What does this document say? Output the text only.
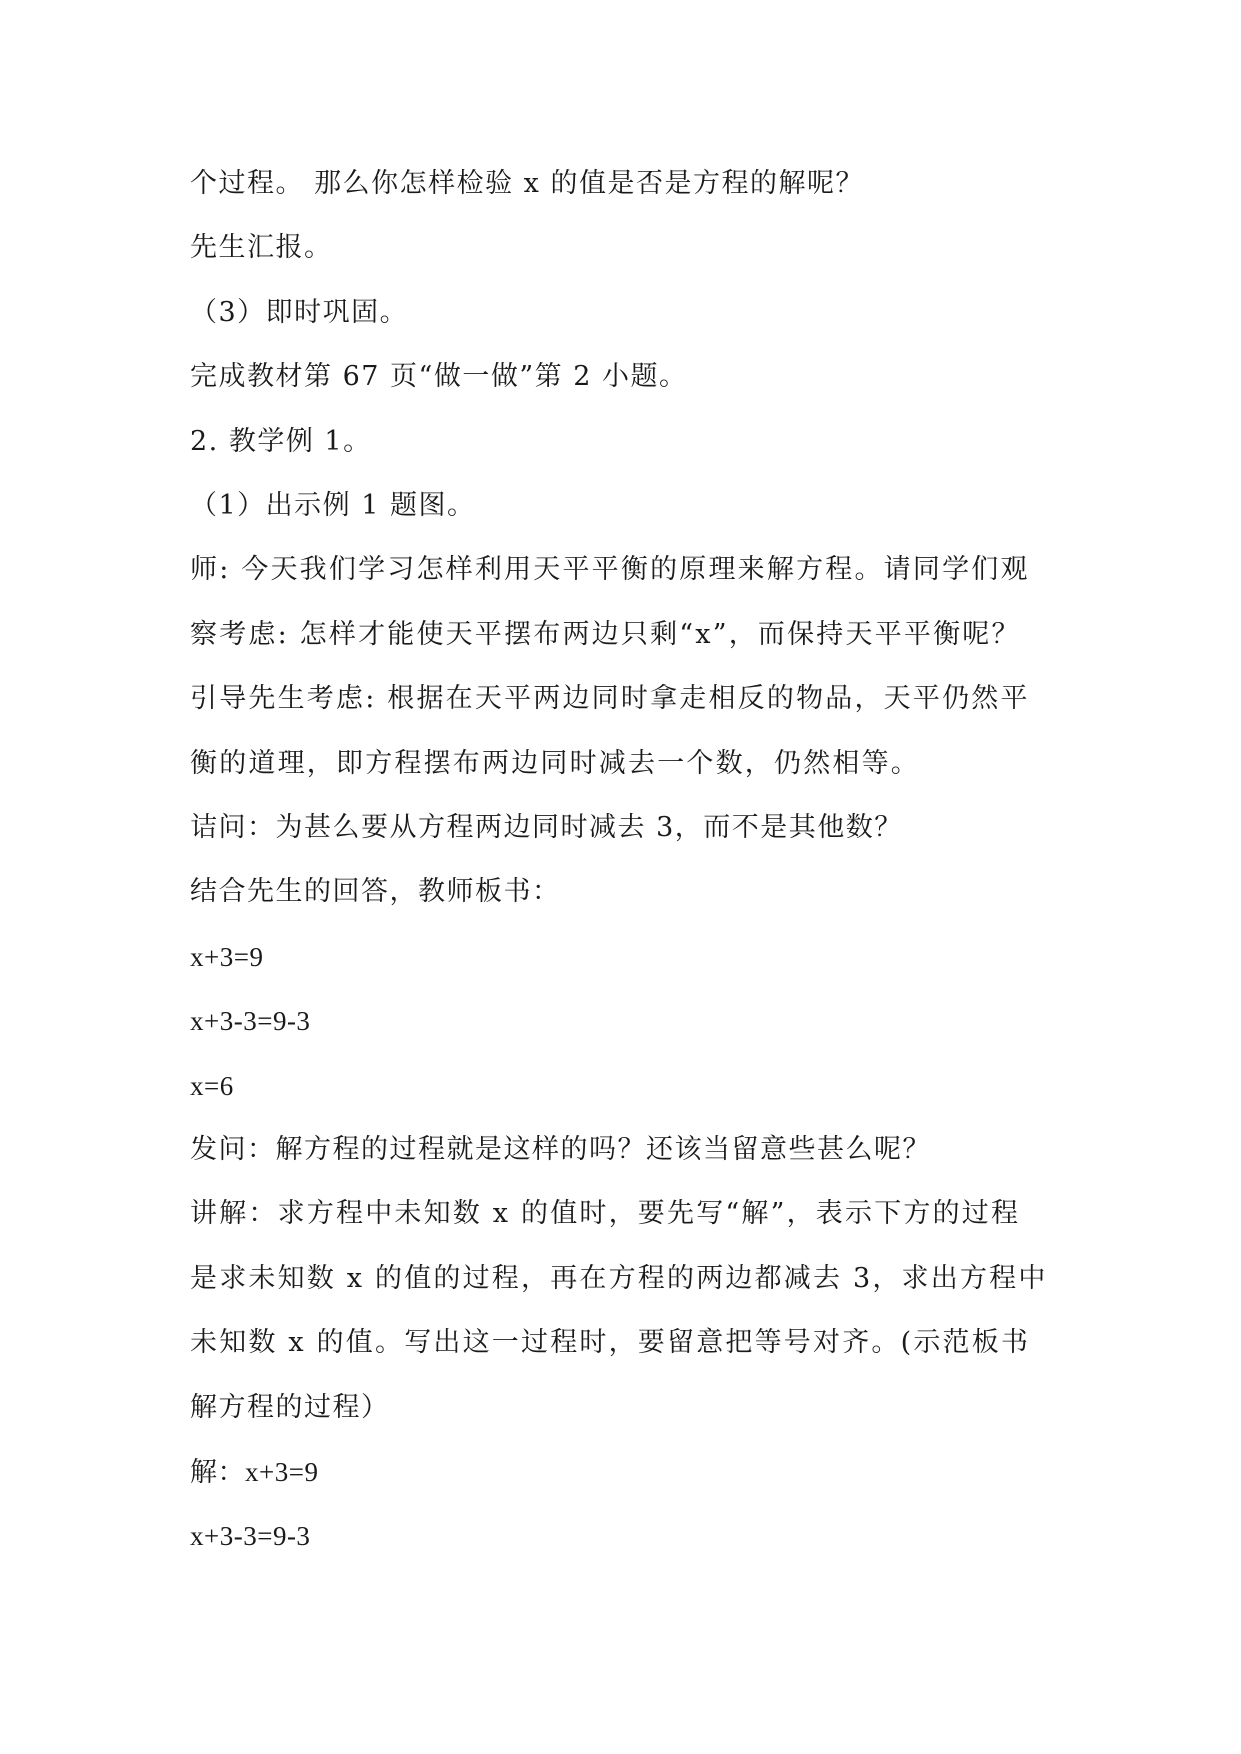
个过程。 那么你怎样检验 x 的值是否是方程的解呢？
先生汇报。
（3）即时巩固。
完成教材第 67 页“做一做”第 2 小题。
2. 教学例 1。
（1）出示例 1 题图。
师: 今天我们学习怎样利用天平平衡的原理来解方程。请同学们观
察考虑: 怎样才能使天平摆布两边只剩“x”，而保持天平平衡呢？
引导先生考虑: 根据在天平两边同时拿走相反的物品，天平仍然平
衡的道理，即方程摆布两边同时减去一个数，仍然相等。
诘问：为甚么要从方程两边同时减去 3，而不是其他数？
结合先生的回答，教师板书：
x+3=9
x+3-3=9-3
x=6
发问：解方程的过程就是这样的吗？还该当留意些甚么呢？
讲解：求方程中未知数 x 的值时，要先写“解”，表示下方的过程
是求未知数 x 的值的过程，再在方程的两边都减去 3，求出方程中
未知数 x 的值。写出这一过程时，要留意把等号对齐。(示范板书
解方程的过程）
解：x+3=9
x+3-3=9-3
